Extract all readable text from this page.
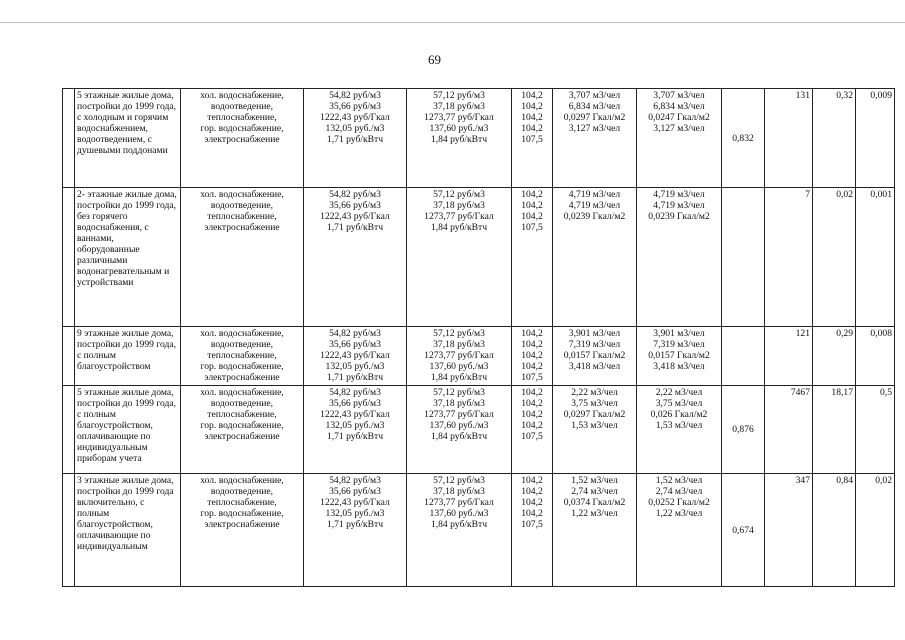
69
	5 этажные жилые дома, постройки до 1999 года, с холодным и горячим водоснабжением, водоотведением, с душевыми поддонами	хол. водоснабжение,
водоотведение,
теплоснабжение,
гор. водоснабжение,
электроснабжение	54,82 руб/м3
35,66 руб/м3
1222,43 руб/Гкал
132,05 руб./м3
1,71 руб/кВтч	57,12 руб/м3
37,18 руб/м3
1273,77 руб/Гкал
137,60 руб./м3
1,84 руб/кВтч	104,2
104,2
104,2
104,2
107,5	3,707 м3/чел
6,834 м3/чел
0,0297 Гкал/м2
3,127 м3/чел	3,707 м3/чел
6,834 м3/чел
0,0247 Гкал/м2
3,127 м3/чел	0,832	131	0,32	0,009
	2- этажные жилые дома, постройки до 1999 года, без горячего водоснабжения, с ваннами, оборудованные различными водонагревательным и устройствами	хол. водоснабжение,
водоотведение,
теплоснабжение,
электроснабжение	54,82 руб/м3
35,66 руб/м3
1222,43 руб/Гкал
1,71 руб/кВтч	57,12 руб/м3
37,18 руб/м3
1273,77 руб/Гкал
1,84 руб/кВтч	104,2
104,2
104,2
107,5	4,719 м3/чел
4,719 м3/чел
0,0239 Гкал/м2	4,719 м3/чел
4,719 м3/чел
0,0239 Гкал/м2		7	0,02	0,001
	9 этажные жилые дома, постройки до 1999 года, с полным благоустройством	хол. водоснабжение,
водоотведение,
теплоснабжение,
гор. водоснабжение,
электроснабжение	54,82 руб/м3
35,66 руб/м3
1222,43 руб/Гкал
132,05 руб./м3
1,71 руб/кВтч	57,12 руб/м3
37,18 руб/м3
1273,77 руб/Гкал
137,60 руб./м3
1,84 руб/кВтч	104,2
104,2
104,2
104,2
107,5	3,901 м3/чел
7,319 м3/чел
0,0157 Гкал/м2
3,418 м3/чел	3,901 м3/чел
7,319 м3/чел
0,0157 Гкал/м2
3,418 м3/чел		121	0,29	0,008
	5 этажные жилые дома, постройки до 1999 года, с полным благоустройством, оплачивающие по индивидуальным приборам учета	хол. водоснабжение,
водоотведение,
теплоснабжение,
гор. водоснабжение,
электроснабжение	54,82 руб/м3
35,66 руб/м3
1222,43 руб/Гкал
132,05 руб./м3
1,71 руб/кВтч	57,12 руб/м3
37,18 руб/м3
1273,77 руб/Гкал
137,60 руб./м3
1,84 руб/кВтч	104,2
104,2
104,2
104,2
107,5	2,22 м3/чел
3,75 м3/чел
0,0297 Гкал/м2
1,53 м3/чел	2,22 м3/чел
3,75 м3/чел
0,026 Гкал/м2
1,53 м3/чел	0,876	7467	18,17	0,5
	3 этажные жилые дома, постройки до 1999 года включительно, с полным благоустройством, оплачивающие по индивидуальным	хол. водоснабжение,
водоотведение,
теплоснабжение,
гор. водоснабжение,
электроснабжение	54,82 руб/м3
35,66 руб/м3
1222,43 руб/Гкал
132,05 руб./м3
1,71 руб/кВтч	57,12 руб/м3
37,18 руб/м3
1273,77 руб/Гкал
137,60 руб./м3
1,84 руб/кВтч	104,2
104,2
104,2
104,2
107,5	1,52 м3/чел
2,74 м3/чел
0,0374 Гкал/м2
1,22 м3/чел	1,52 м3/чел
2,74 м3/чел
0,0252 Гкал/м2
1,22 м3/чел	0,674	347	0,84	0,02
